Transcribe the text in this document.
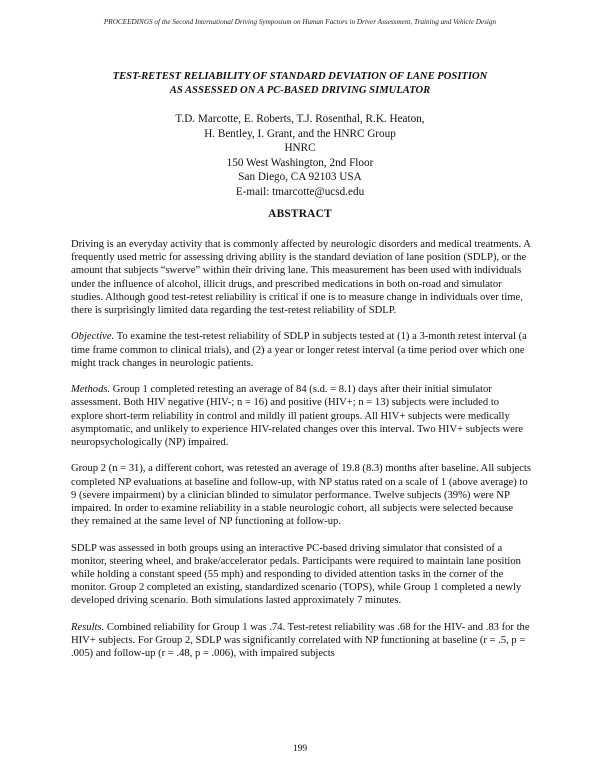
PROCEEDINGS of the Second International Driving Symposium on Human Factors in Driver Assessment, Training and Vehicle Design
TEST-RETEST RELIABILITY OF STANDARD DEVIATION OF LANE POSITION
AS ASSESSED ON A PC-BASED DRIVING SIMULATOR
T.D. Marcotte, E. Roberts, T.J. Rosenthal, R.K. Heaton,
H. Bentley, I. Grant, and the HNRC Group
HNRC
150 West Washington, 2nd Floor
San Diego, CA 92103 USA
E-mail: tmarcotte@ucsd.edu
ABSTRACT

Driving is an everyday activity that is commonly affected by neurologic disorders and medical treatments. A frequently used metric for assessing driving ability is the standard deviation of lane position (SDLP), or the amount that subjects “swerve” within their driving lane. This measurement has been used with individuals under the influence of alcohol, illicit drugs, and prescribed medications in both on-road and simulator studies. Although good test-retest reliability is critical if one is to measure change in individuals over time, there is surprisingly limited data regarding the test-retest reliability of SDLP.

Objective. To examine the test-retest reliability of SDLP in subjects tested at (1) a 3-month retest interval (a time frame common to clinical trials), and (2) a year or longer retest interval (a time period over which one might track changes in neurologic patients.

Methods. Group 1 completed retesting an average of 84 (s.d. = 8.1) days after their initial simulator assessment. Both HIV negative (HIV-; n = 16) and positive (HIV+; n = 13) subjects were included to explore short-term reliability in control and mildly ill patient groups. All HIV+ subjects were medically asymptomatic, and unlikely to experience HIV-related changes over this interval. Two HIV+ subjects were neuropsychologically (NP) impaired.

Group 2 (n = 31), a different cohort, was retested an average of 19.8 (8.3) months after baseline. All subjects completed NP evaluations at baseline and follow-up, with NP status rated on a scale of 1 (above average) to 9 (severe impairment) by a clinician blinded to simulator performance. Twelve subjects (39%) were NP impaired. In order to examine reliability in a stable neurologic cohort, all subjects were selected because they remained at the same level of NP functioning at follow-up.

SDLP was assessed in both groups using an interactive PC-based driving simulator that consisted of a monitor, steering wheel, and brake/accelerator pedals. Participants were required to maintain lane position while holding a constant speed (55 mph) and responding to divided attention tasks in the corner of the monitor. Group 2 completed an existing, standardized scenario (TOPS), while Group 1 completed a newly developed driving scenario. Both simulations lasted approximately 7 minutes.

Results. Combined reliability for Group 1 was .74. Test-retest reliability was .68 for the HIV- and .83 for the HIV+ subjects. For Group 2, SDLP was significantly correlated with NP functioning at baseline (r = .5, p = .005) and follow-up (r = .48, p = .006), with impaired subjects

199
